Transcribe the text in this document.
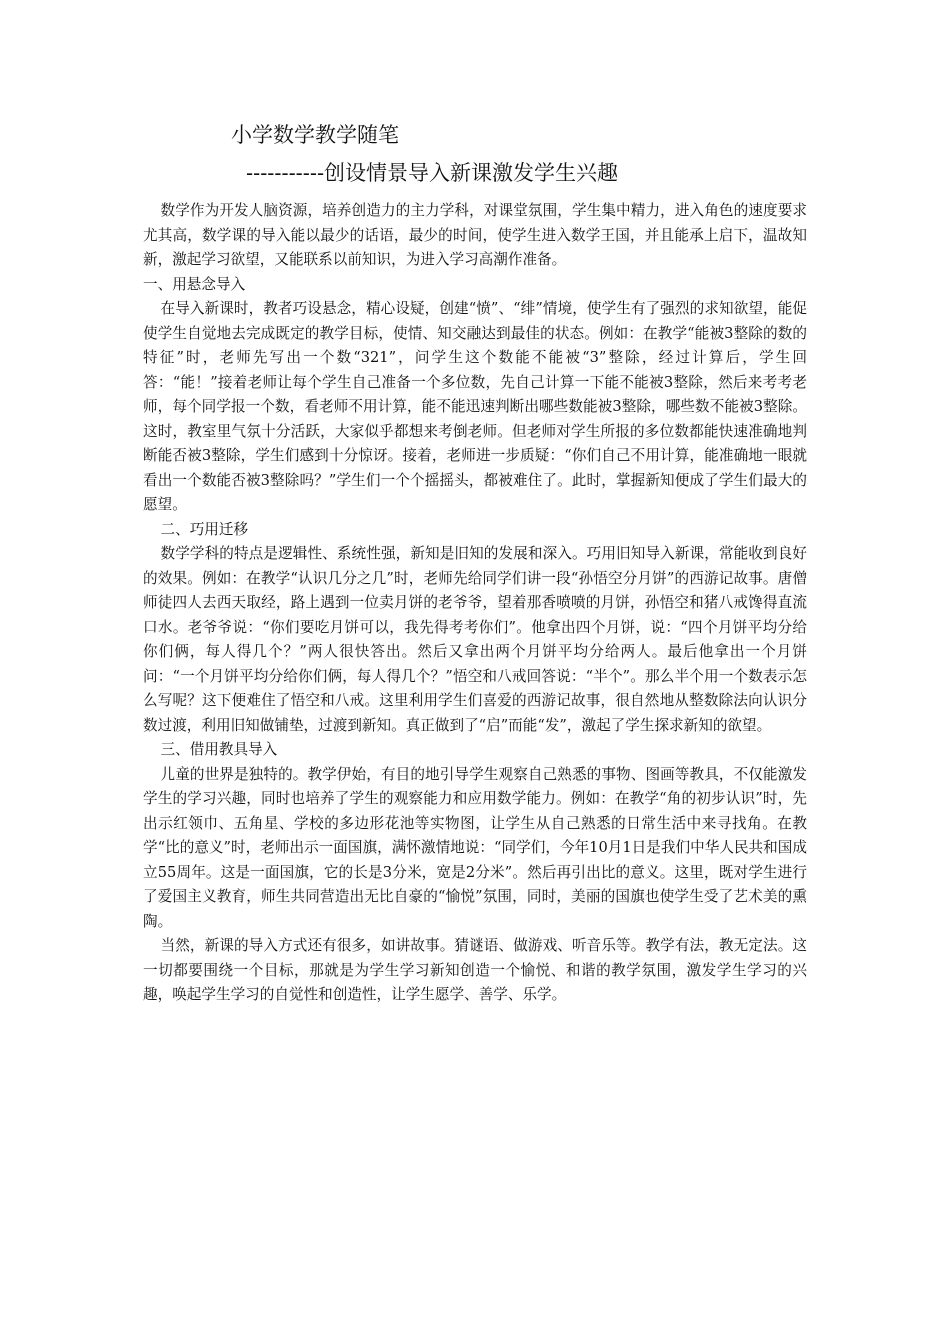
小学数学教学随笔
-----------创设情景导入新课激发学生兴趣

数学作为开发人脑资源，培养创造力的主力学科，对课堂氛围，学生集中精力，进入角色的速度要求尤其高，数学课的导入能以最少的话语，最少的时间，使学生进入数学王国，并且能承上启下，温故知新，激起学习欲望，又能联系以前知识，为进入学习高潮作准备。

一、用悬念导入

在导入新课时，教者巧设悬念，精心设疑，创建“愤”、“绯”情境，使学生有了强烈的求知欲望，能促使学生自觉地去完成既定的教学目标，使情、知交融达到最佳的状态。例如：在教学“能被3整除的数的特征”时，老师先写出一个数“321”，问学生这个数能不能被“3”整除，经过计算后，学生回答：“能！”接着老师让每个学生自己准备一个多位数，先自己计算一下能不能被3整除，然后来考考老师，每个同学报一个数，看老师不用计算，能不能迅速判断出哪些数能被3整除，哪些数不能被3整除。这时，教室里气氛十分活跃，大家似乎都想来考倒老师。但老师对学生所报的多位数都能快速准确地判断能否被3整除，学生们感到十分惊讶。接着，老师进一步质疑：“你们自己不用计算，能准确地一眼就看出一个数能否被3整除吗？”学生们一个个摇摇头，都被难住了。此时，掌握新知便成了学生们最大的愿望。

二、巧用迁移

数学学科的特点是逻辑性、系统性强，新知是旧知的发展和深入。巧用旧知导入新课，常能收到良好的效果。例如：在教学“认识几分之几”时，老师先给同学们讲一段“孙悟空分月饼”的西游记故事。唐僧师徒四人去西天取经，路上遇到一位卖月饼的老爷爷，望着那香喷喷的月饼，孙悟空和猪八戒馋得直流口水。老爷爷说：“你们要吃月饼可以，我先得考考你们”。他拿出四个月饼，说：“四个月饼平均分给你们俩，每人得几个？”两人很快答出。然后又拿出两个月饼平均分给两人。最后他拿出一个月饼问：“一个月饼平均分给你们俩，每人得几个？”悟空和八戒回答说：“半个”。那么半个用一个数表示怎么写呢？这下便难住了悟空和八戒。这里利用学生们喜爱的西游记故事，很自然地从整数除法向认识分数过渡，利用旧知做铺垫，过渡到新知。真正做到了“启”而能“发”，激起了学生探求新知的欲望。

三、借用教具导入

儿童的世界是独特的。教学伊始，有目的地引导学生观察自己熟悉的事物、图画等教具，不仅能激发学生的学习兴趣，同时也培养了学生的观察能力和应用数学能力。例如：在教学“角的初步认识”时，先出示红领巾、五角星、学校的多边形花池等实物图，让学生从自己熟悉的日常生活中来寻找角。在教学“比的意义”时，老师出示一面国旗，满怀激情地说：“同学们，今年10月1日是我们中华人民共和国成立55周年。这是一面国旗，它的长是3分米，宽是2分米”。然后再引出比的意义。这里，既对学生进行了爱国主义教育，师生共同营造出无比自豪的“愉悦”氛围，同时，美丽的国旗也使学生受了艺术美的熏陶。

当然，新课的导入方式还有很多，如讲故事。猜谜语、做游戏、听音乐等。教学有法，教无定法。这一切都要围绕一个目标，那就是为学生学习新知创造一个愉悦、和谐的教学氛围，激发学生学习的兴趣，唤起学生学习的自觉性和创造性，让学生愿学、善学、乐学。
